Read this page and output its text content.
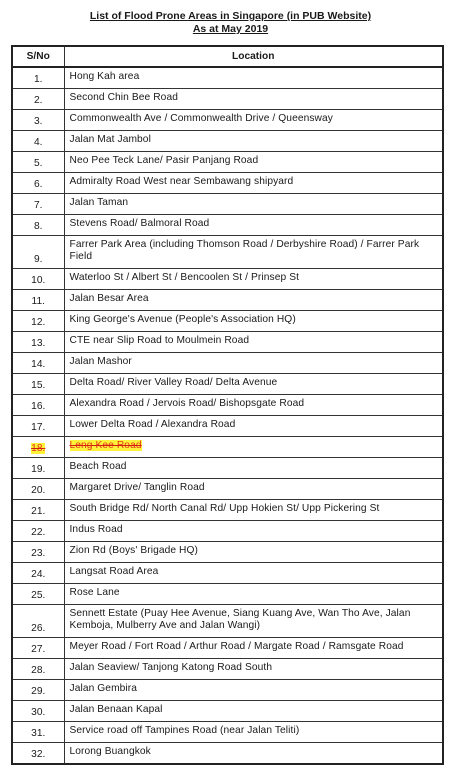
List of Flood Prone Areas in Singapore (in PUB Website)
As at May 2019
S/No	Location
1.	Hong Kah area
2.	Second Chin Bee Road
3.	Commonwealth Ave / Commonwealth Drive / Queensway
4.	Jalan Mat Jambol
5.	Neo Pee Teck Lane/ Pasir Panjang Road
6.	Admiralty Road West near Sembawang shipyard
7.	Jalan Taman
8.	Stevens Road/ Balmoral Road
9.	Farrer Park Area (including Thomson Road / Derbyshire Road) / Farrer Park Field
10.	Waterloo St / Albert St / Bencoolen St / Prinsep St
11.	Jalan Besar Area
12.	King George's Avenue (People's Association HQ)
13.	CTE near Slip Road to Moulmein Road
14.	Jalan Mashor
15.	Delta Road/ River Valley Road/ Delta Avenue
16.	Alexandra Road / Jervois Road/ Bishopsgate Road
17.	Lower Delta Road / Alexandra Road
18.	Leng Kee Road
19.	Beach Road
20.	Margaret Drive/ Tanglin Road
21.	South Bridge Rd/ North Canal Rd/ Upp Hokien St/ Upp Pickering St
22.	Indus Road
23.	Zion Rd (Boys' Brigade HQ)
24.	Langsat Road Area
25.	Rose Lane
26.	Sennett Estate (Puay Hee Avenue, Siang Kuang Ave, Wan Tho Ave, Jalan Kemboja, Mulberry Ave and Jalan Wangi)
27.	Meyer Road / Fort Road / Arthur Road / Margate Road / Ramsgate Road
28.	Jalan Seaview/ Tanjong Katong Road South
29.	Jalan Gembira
30.	Jalan Benaan Kapal
31.	Service road off Tampines Road (near Jalan Teliti)
32.	Lorong Buangkok
